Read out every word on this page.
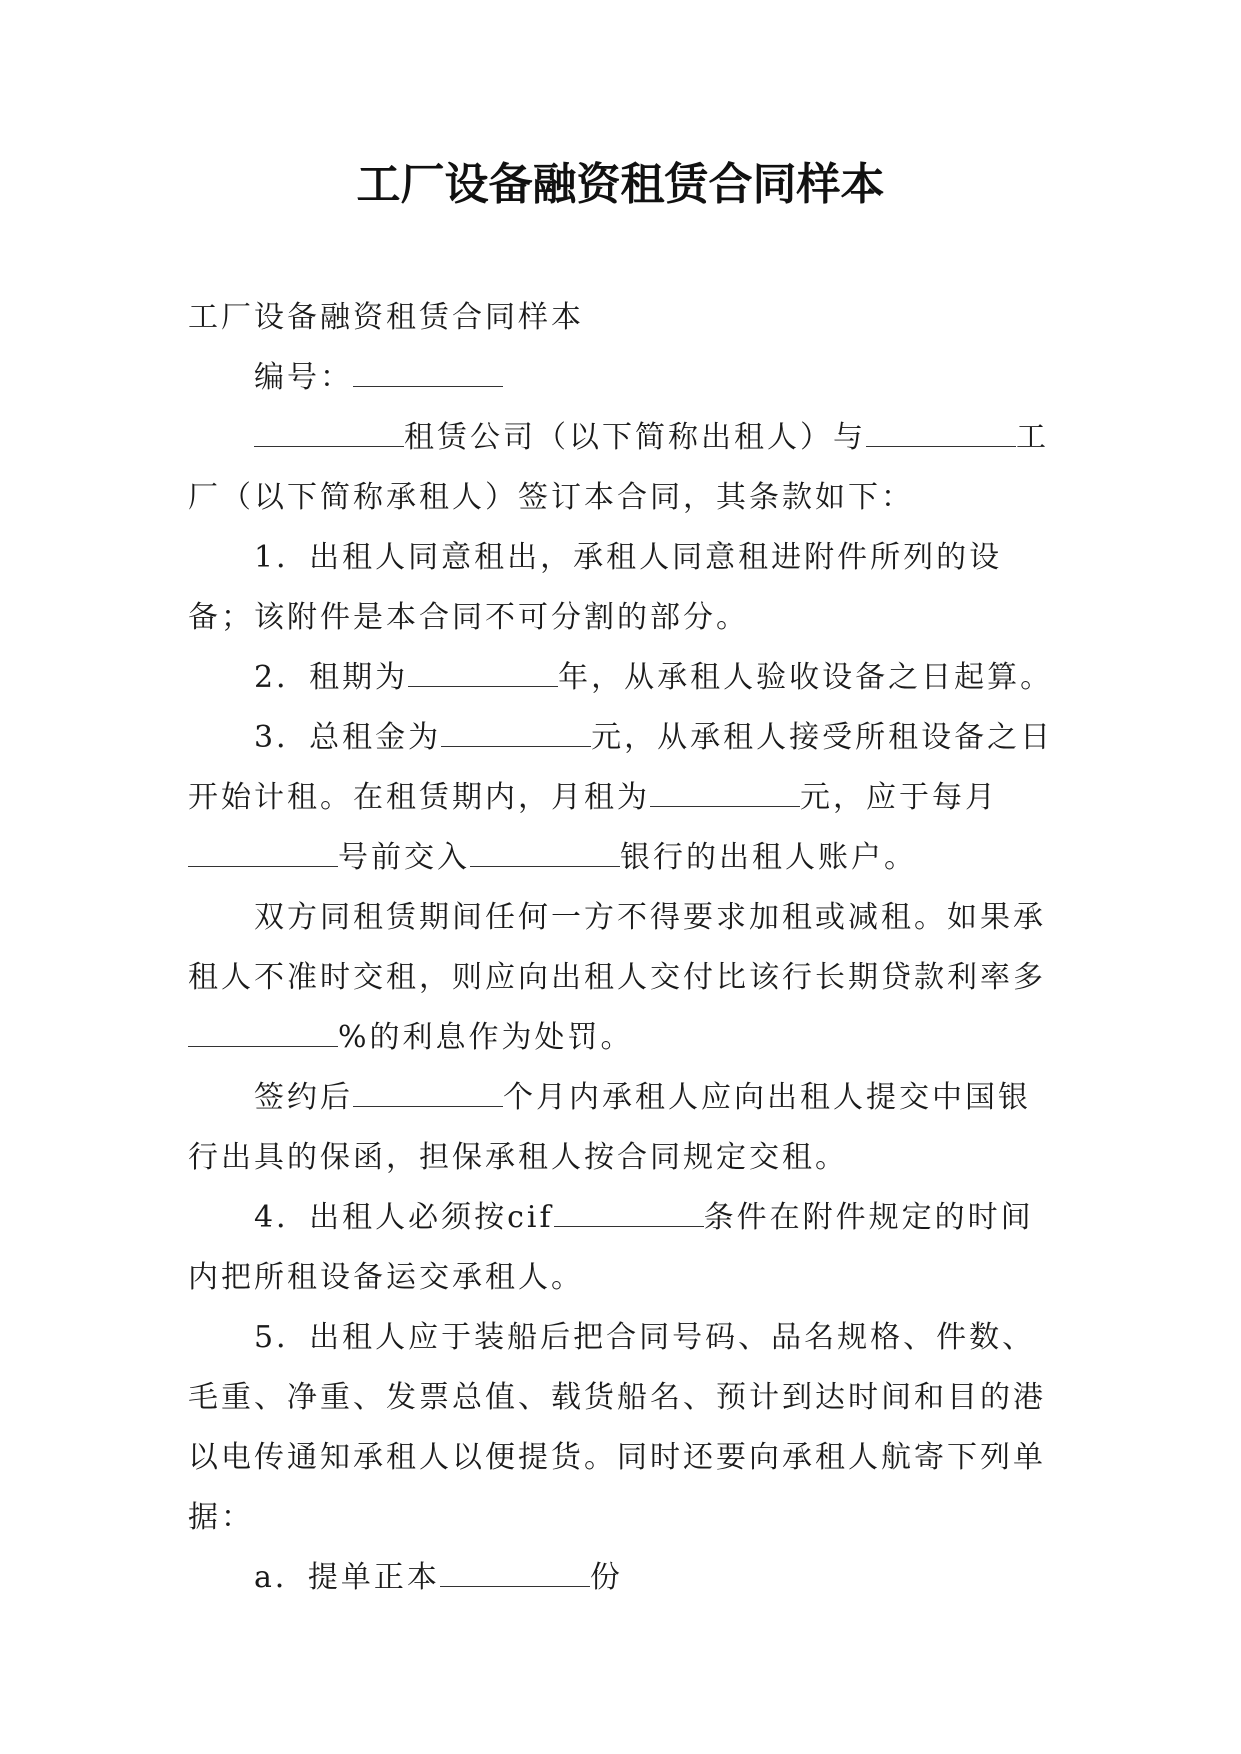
工厂设备融资租赁合同样本

工厂设备融资租赁合同样本

编号：

租赁公司（以下简称出租人）与	工厂（以下简称承租人）签订本合同，其条款如下：

1．出租人同意租出，承租人同意租进附件所列的设备；该附件是本合同不可分割的部分。

2．租期为	年，从承租人验收设备之日起算。

3．总租金为	元，从承租人接受所租设备之日开始计租。在租赁期内，月租为	元，应于每月号前交入	银行的出租人账户。

双方同租赁期间任何一方不得要求加租或减租。如果承租人不准时交租，则应向出租人交付比该行长期贷款利率多%的利息作为处罚。

签约后	个月内承租人应向出租人提交中国银行出具的保函，担保承租人按合同规定交租。

4．出租人必须按cif	条件在附件规定的时间内把所租设备运交承租人。

5．出租人应于装船后把合同号码、品名规格、件数、毛重、净重、发票总值、载货船名、预计到达时间和目的港以电传通知承租人以便提货。同时还要向承租人航寄下列单据：

a．提单正本	份
